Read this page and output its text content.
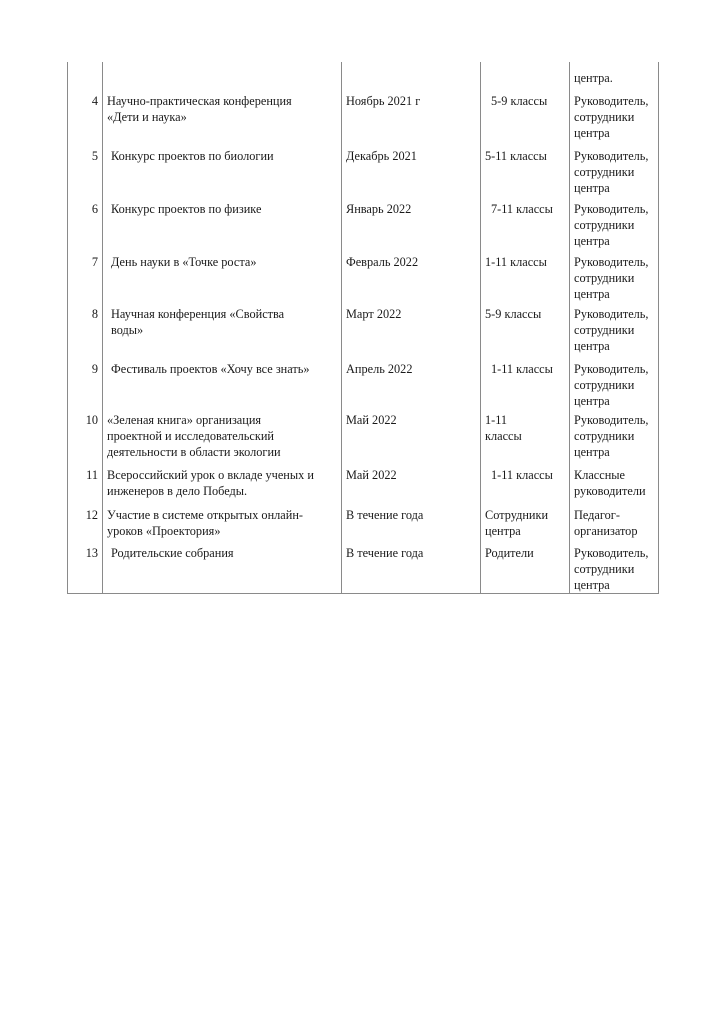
				центра.
4	Научно-практическая конференция
«Дети и наука»	Ноябрь 2021 г	5-9 классы	Руководитель,
сотрудники
центра
5	Конкурс проектов по биологии	Декабрь 2021	5-11 классы	Руководитель,
сотрудники
центра
6	Конкурс проектов по физике	Январь 2022	7-11 классы	Руководитель,
сотрудники
центра
7	День науки в «Точке роста»	Февраль 2022	1-11 классы	Руководитель,
сотрудники
центра
8	Научная конференция «Свойства
воды»	Март 2022	5-9 классы	Руководитель,
сотрудники
центра
9	Фестиваль проектов «Хочу все знать»	Апрель 2022	1-11 классы	Руководитель,
сотрудники
центра
10	«Зеленая книга» организация
проектной и исследовательский
деятельности в области экологии	Май 2022	1-11
классы	Руководитель,
сотрудники
центра
11	Всероссийский урок о вкладе ученых и
инженеров в дело Победы.	Май 2022	1-11 классы	Классные
руководители
12	Участие в системе открытых онлайн-
уроков «Проектория»	В течение года	Сотрудники
центра	Педагог-
организатор
13	Родительские собрания	В течение года	Родители	Руководитель,
сотрудники
центра
